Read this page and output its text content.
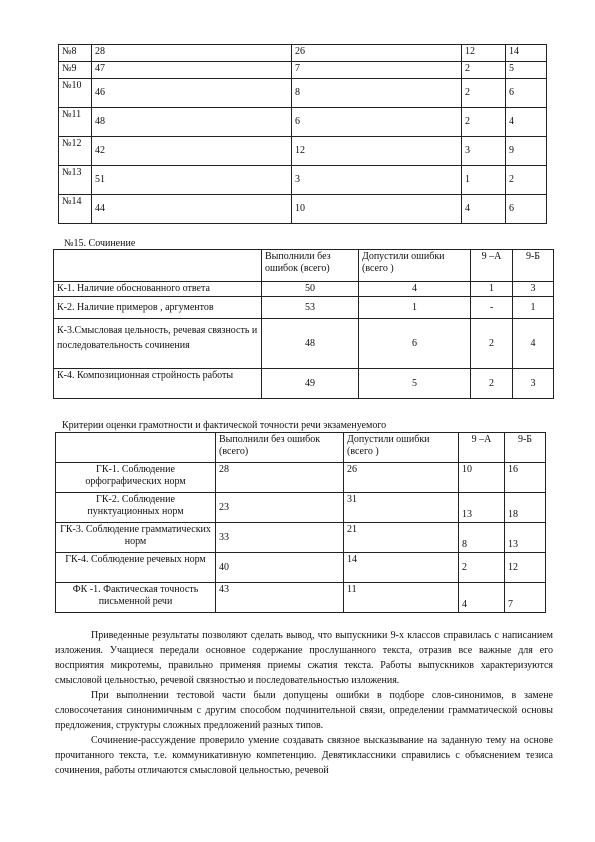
№8	28	26	12	14
№9	47	7	2	5
№10	46	8	2	6
№11	48	6	2	4
№12	42	12	3	9
№13	51	3	1	2
№14	44	10	4	6
№15. Сочинение
	Выполнили без ошибок (всего)	Допустили ошибки (всего )	9 –А	9-Б
К-1. Наличие обоснованного ответа	50	4	1	3
К-2. Наличие примеров , аргументов	53	1	-	1
К-3.Смысловая цельность, речевая связность и последовательность сочинения	48	6	2	4
К-4. Композиционная стройность работы	49	5	2	3
Критерии оценки грамотности и фактической точности речи экзаменуемого
	Выполнили без ошибок (всего)	Допустили ошибки (всего )	9 –А	9-Б
ГК-1. Соблюдение орфографических норм	28	26	10	16
ГК-2. Соблюдение пунктуационных норм	23	31	13	18
ГК-3. Соблюдение грамматических норм	33	21	8	13
ГК-4. Соблюдение речевых норм	40	14	2	12
ФК -1. Фактическая точность письменной речи	43	11	4	7

Приведенные результаты позволяют сделать вывод, что выпускники 9-х классов справилась с написанием изложения. Учащиеся передали основное содержание прослушанного текста, отразив все важные для его восприятия микротемы, правильно применяя приемы сжатия текста. Работы выпускников характеризуются смысловой цельностью, речевой связностью и последовательностью изложения.

При выполнении тестовой части были допущены ошибки в подборе слов-синонимов, в замене словосочетания синонимичным с другим способом подчинительной связи, определении грамматической основы предложения, структуры сложных предложений разных типов.

Сочинение-рассуждение проверило умение создавать связное высказывание на заданную тему на основе прочитанного текста, т.е. коммуникативную компетенцию. Девятиклассники справились с объяснением тезиса сочинения, работы отличаются смысловой цельностью, речевой
